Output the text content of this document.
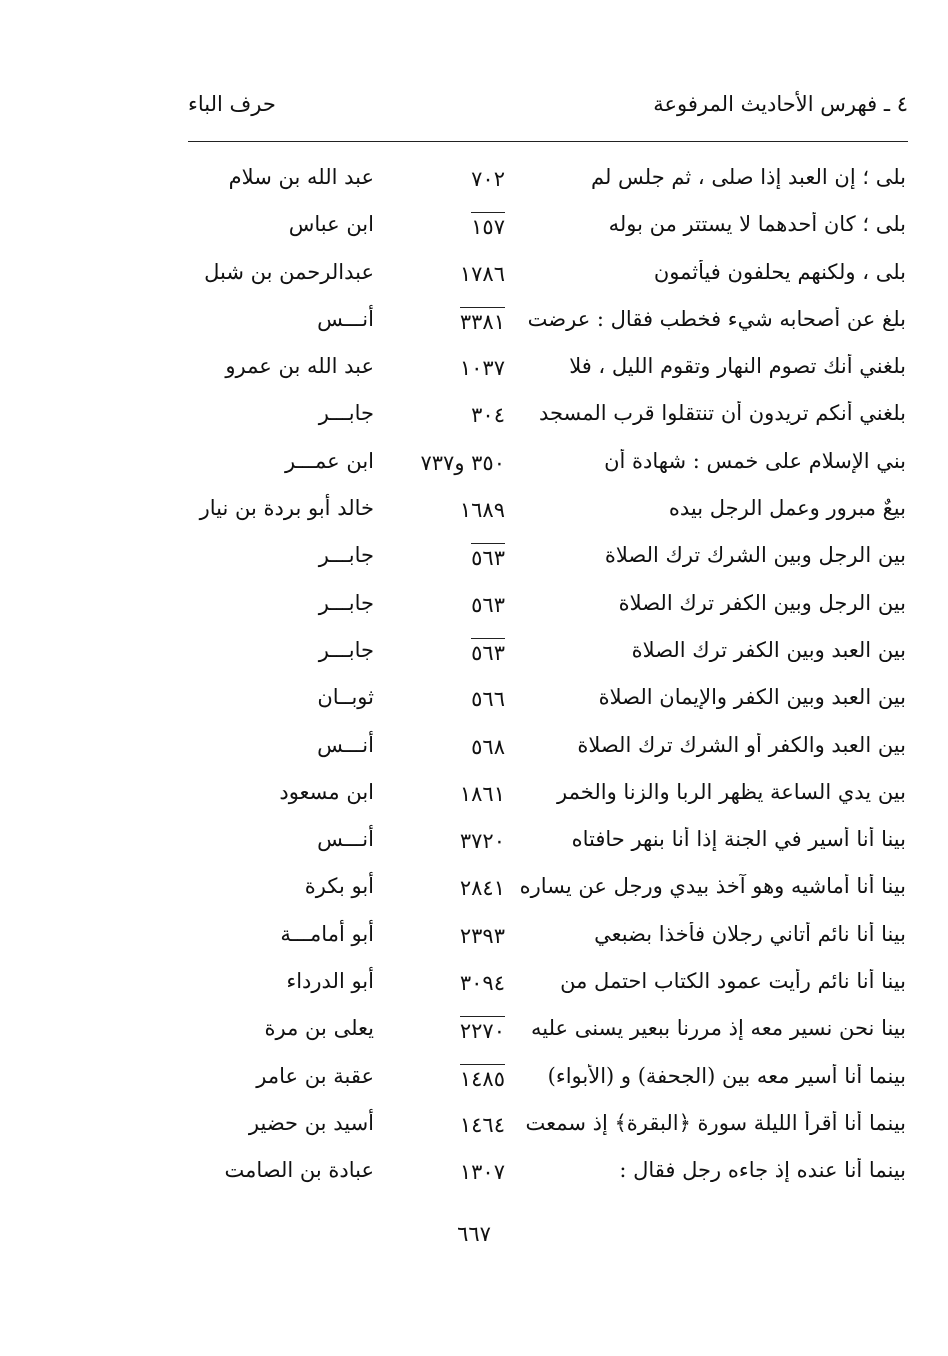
٤ ـ فهرس الأحاديث المرفوعة
حرف الباء
بلى ؛ إن العبد إذا صلى ، ثم جلس لم
٧٠٢
عبد الله بن سلام
بلى ؛ كان أحدهما لا يستتر من بوله
١٥٧
ابن عباس
بلى ، ولكنهم يحلفون فيأثمون
١٧٨٦
عبدالرحمن بن شبل
بلغ عن أصحابه شيء فخطب فقال : عرضت
٣٣٨١
أنـــس
بلغني أنك تصوم النهار وتقوم الليل ، فلا
١٠٣٧
عبد الله بن عمرو
بلغني أنكم تريدون أن تنتقلوا قرب المسجد
٣٠٤
جابـــر
بني الإسلام على خمس : شهادة أن
٣٥٠ و٧٣٧
ابن عمـــر
بيعٌ مبرور وعمل الرجل بيده
١٦٨٩
خالد أبو بردة بن نيار
بين الرجل وبين الشرك ترك الصلاة
٥٦٣
جابـــر
بين الرجل وبين الكفر ترك الصلاة
٥٦٣
جابـــر
بين العبد وبين الكفر ترك الصلاة
٥٦٣
جابـــر
بين العبد وبين الكفر والإيمان الصلاة
٥٦٦
ثوبــان
بين العبد والكفر أو الشرك ترك الصلاة
٥٦٨
أنـــس
بين يدي الساعة يظهر الربا والزنا والخمر
١٨٦١
ابن مسعود
بينا أنا أسير في الجنة إذا أنا بنهر حافتاه
٣٧٢٠
أنـــس
بينا أنا أماشيه وهو آخذ بيدي ورجل عن يساره
٢٨٤١
أبو بكرة
بينا أنا نائم أتاني رجلان فأخذا بضبعي
٢٣٩٣
أبو أمامـــة
بينا أنا نائم رأيت عمود الكتاب احتمل من
٣٠٩٤
أبو الدرداء
بينا نحن نسير معه إذ مررنا ببعير يسنى عليه
٢٢٧٠
يعلى بن مرة
بينما أنا أسير معه بين (الجحفة) و (الأبواء)
١٤٨٥
عقبة بن عامر
بينما أنا أقرأ الليلة سورة ﴿البقرة﴾ إذ سمعت
١٤٦٤
أسيد بن حضير
بينما أنا عنده إذ جاءه رجل فقال :
١٣٠٧
عبادة بن الصامت
٦٦٧
